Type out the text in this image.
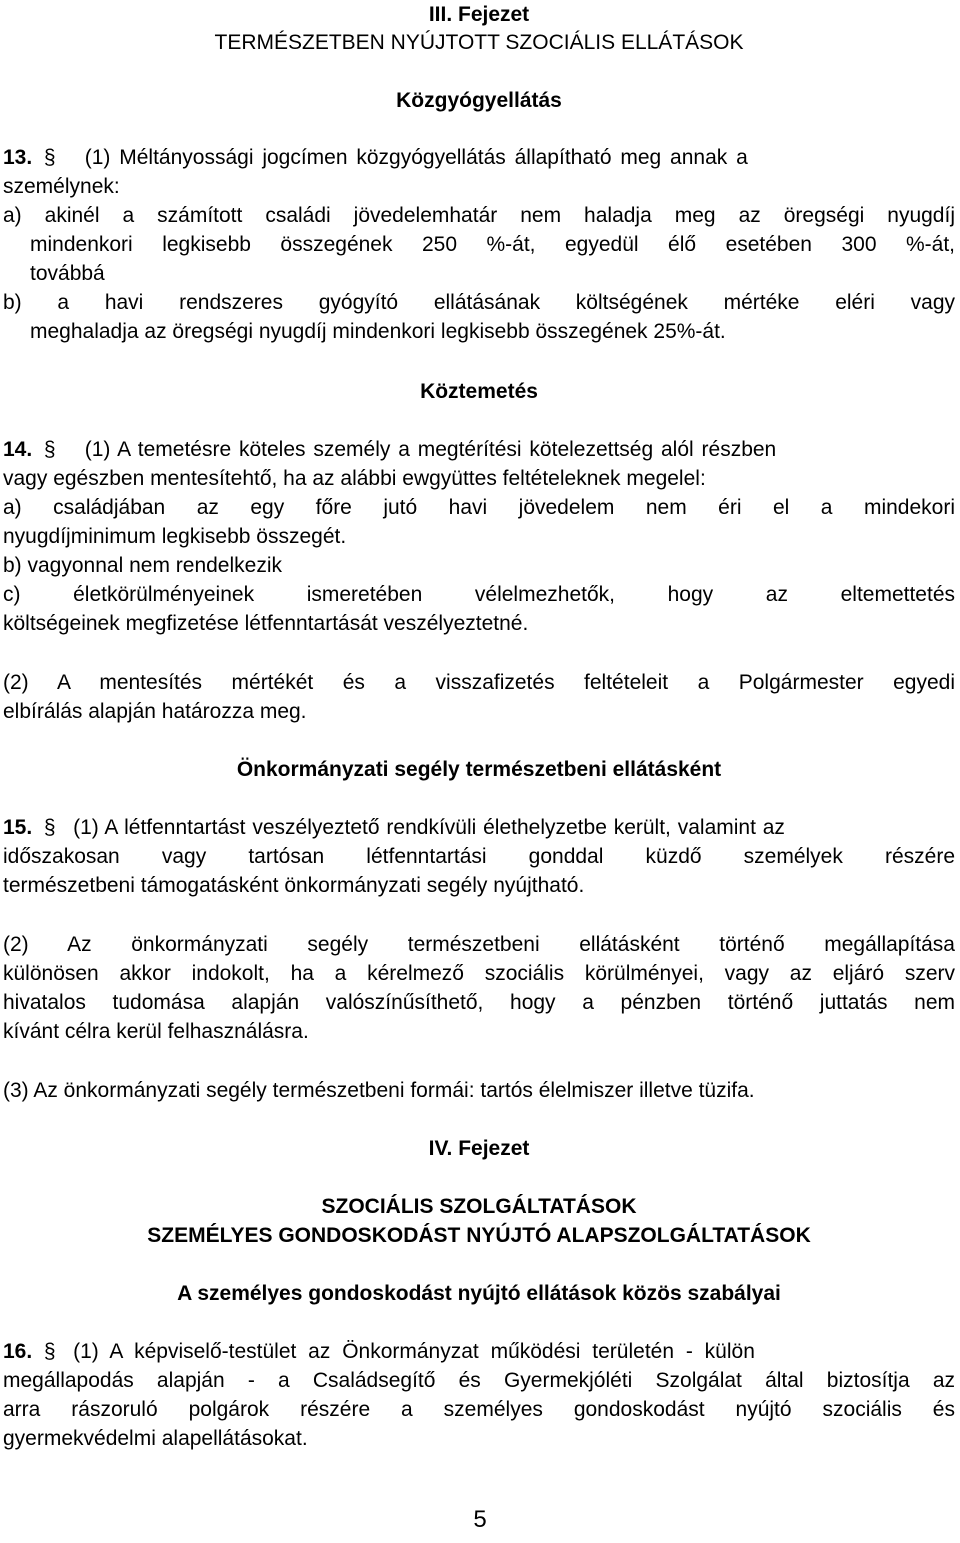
III. Fejezet
TERMÉSZETBEN NYÚJTOTT SZOCIÁLIS ELLÁTÁSOK
Közgyógyellátás
13. § (1) Méltányossági jogcímen közgyógyellátás állapítható meg annak a
személynek:
a) akinél a számított családi jövedelemhatár nem haladja meg az öregségi nyugdíj
mindenkori legkisebb összegének 250 %-át, egyedül élő esetében 300 %-át,
továbbá
b) a havi rendszeres gyógyító ellátásának költségének mértéke eléri vagy
meghaladja az öregségi nyugdíj mindenkori legkisebb összegének 25%-át.
Köztemetés
14. § (1) A temetésre köteles személy a megtérítési kötelezettség alól részben
vagy egészben mentesítehtő, ha az alábbi ewgyüttes feltételeknek megelel:
a) családjában az egy főre jutó havi jövedelem nem éri el a mindekori
nyugdíjminimum legkisebb összegét.
b) vagyonnal nem rendelkezik
c) életkörülményeinek ismeretében vélelmezhetők, hogy az eltemettetés
költségeinek megfizetése létfenntartását veszélyeztetné.
(2) A mentesítés mértékét és a visszafizetés feltételeit a Polgármester egyedi
elbírálás alapján határozza meg.
Önkormányzati segély természetbeni ellátásként
15. § (1) A létfenntartást veszélyeztető rendkívüli élethelyzetbe került, valamint az
időszakosan vagy tartósan létfenntartási gonddal küzdő személyek részére
természetbeni támogatásként önkormányzati segély nyújtható.
(2) Az önkormányzati segély természetbeni ellátásként történő megállapítása
különösen akkor indokolt, ha a kérelmező szociális körülményei, vagy az eljáró szerv
hivatalos tudomása alapján valószínűsíthető, hogy a pénzben történő juttatás nem
kívánt célra kerül felhasználásra.
(3) Az önkormányzati segély természetbeni formái: tartós élelmiszer illetve tüzifa.
IV. Fejezet
SZOCIÁLIS SZOLGÁLTATÁSOK
SZEMÉLYES GONDOSKODÁST NYÚJTÓ ALAPSZOLGÁLTATÁSOK
A személyes gondoskodást nyújtó ellátások közös szabályai
16. § (1) A képviselő-testület az Önkormányzat működési területén - külön
megállapodás alapján - a Családsegítő és Gyermekjóléti Szolgálat által biztosítja az
arra rászoruló polgárok részére a személyes gondoskodást nyújtó szociális és
gyermekvédelmi alapellátásokat.
5
